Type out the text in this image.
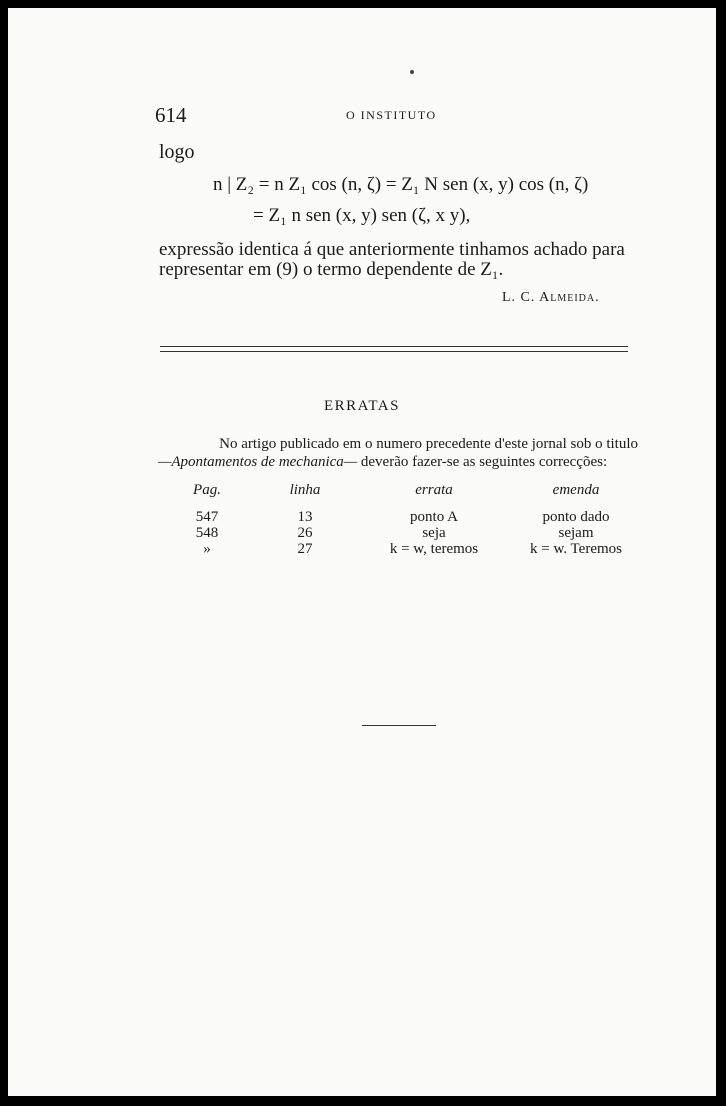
614	O INSTITUTO
logo
n | Z₂ = n Z₁ cos (n, ζ) = Z₁ N sen (x, y) cos (n, ζ)
= Z₁ n sen (x, y) sen (ζ, x y),
expressão identica á que anteriormente tinhamos achado para representar em (9) o termo dependente de Z₁.
L. C. Almeida.
ERRATAS
No artigo publicado em o numero precedente d'este jornal sob o titulo
—Apontamentos de mechanica— deverão fazer-se as seguintes correcções:
Pag.	linha	errata	emenda
547	13	ponto A	ponto dado
548	26	seja	sejam
»	27	k = w, teremos	k = w. Teremos
